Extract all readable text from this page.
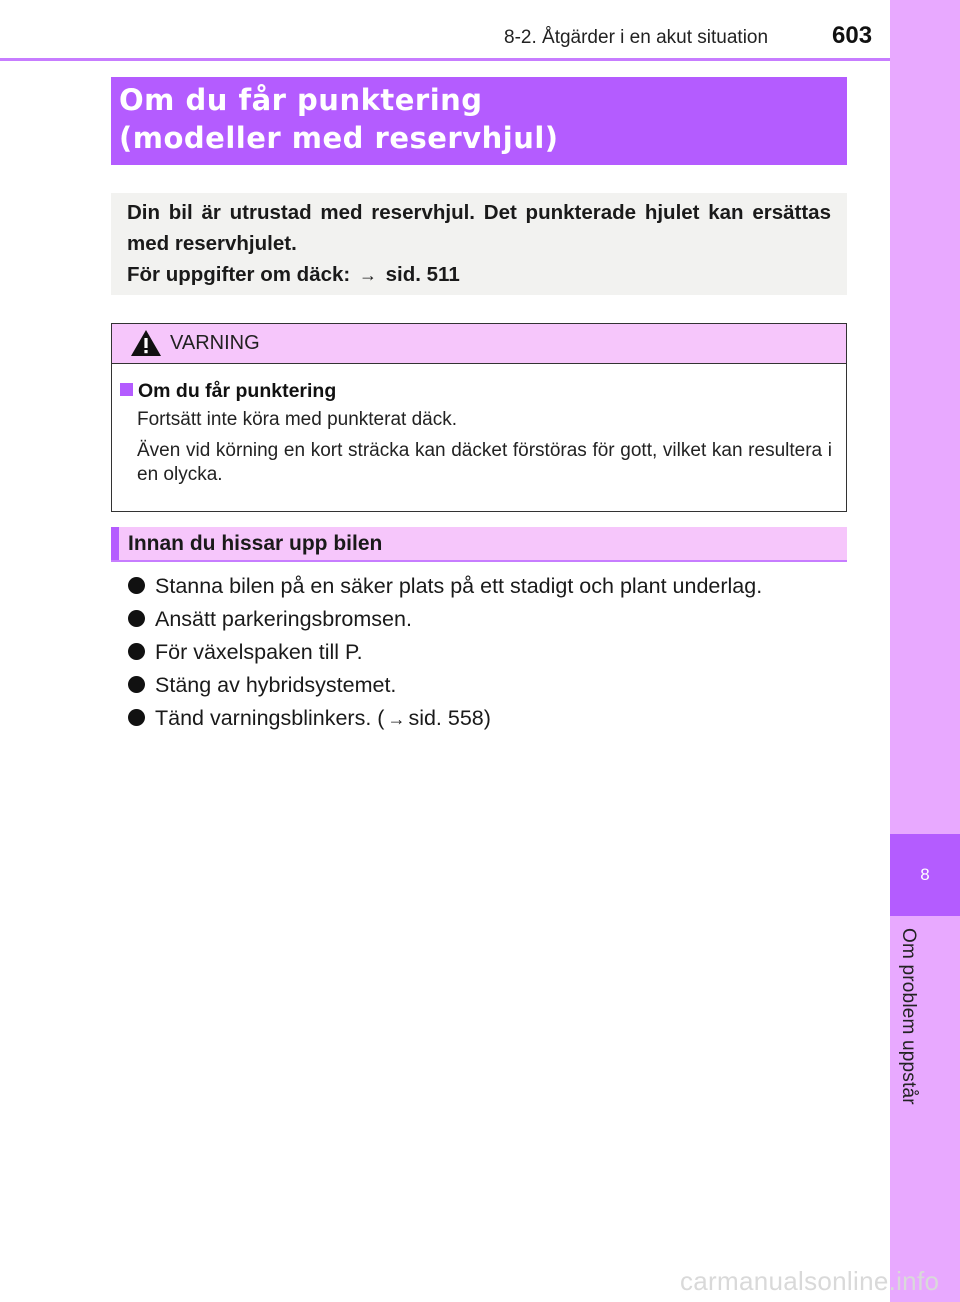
8-2. Åtgärder i en akut situation	603
8
Om problem uppstår
Om du får punktering
(modeller med reservhjul)
Din bil är utrustad med reservhjul. Det punkterade hjulet kan ersättas med reservhjulet.
För uppgifter om däck: → sid. 511
VARNING
Om du får punktering
Fortsätt inte köra med punkterat däck.
Även vid körning en kort sträcka kan däcket förstöras för gott, vilket kan resultera i en olycka.
Innan du hissar upp bilen
Stanna bilen på en säker plats på ett stadigt och plant underlag.
Ansätt parkeringsbromsen.
För växelspaken till P.
Stäng av hybridsystemet.
Tänd varningsblinkers. ( → sid. 558)
carmanualsonline.info
